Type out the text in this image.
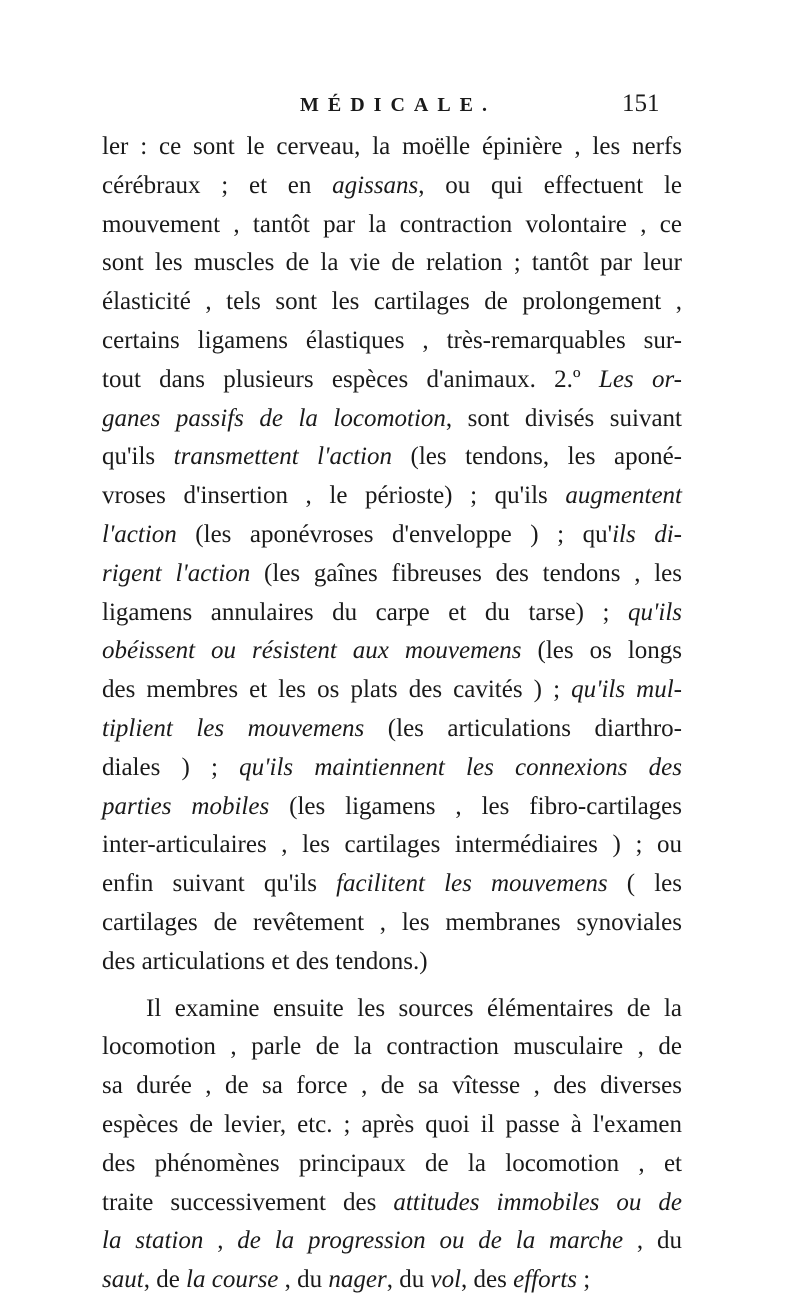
MÉDICALE.	151
ler : ce sont le cerveau, la moëlle épinière , les nerfs
cérébraux ; et en agissans, ou qui effectuent le
mouvement , tantôt par la contraction volontaire , ce
sont les muscles de la vie de relation ; tantôt par leur
élasticité , tels sont les cartilages de prolongement ,
certains ligamens élastiques , très-remarquables sur-
tout dans plusieurs espèces d'animaux. 2.º Les or-
ganes passifs de la locomotion, sont divisés suivant
qu'ils transmettent l'action (les tendons, les aponé-
vroses d'insertion , le périoste) ; qu'ils augmentent
l'action (les aponévroses d'enveloppe ) ; qu'ils di-
rigent l'action (les gaînes fibreuses des tendons , les
ligamens annulaires du carpe et du tarse) ; qu'ils
obéissent ou résistent aux mouvemens (les os longs
des membres et les os plats des cavités ) ; qu'ils mul-
tiplient les mouvemens (les articulations diarthro-
diales ) ; qu'ils maintiennent les connexions des
parties mobiles (les ligamens , les fibro-cartilages
inter-articulaires , les cartilages intermédiaires ) ; ou
enfin suivant qu'ils facilitent les mouvemens ( les
cartilages de revêtement , les membranes synoviales
des articulations et des tendons.)
Il examine ensuite les sources élémentaires de la
locomotion , parle de la contraction musculaire , de
sa durée , de sa force , de sa vîtesse , des diverses
espèces de levier, etc. ; après quoi il passe à l'examen
des phénomènes principaux de la locomotion , et
traite successivement des attitudes immobiles ou de
la station , de la progression ou de la marche , du
saut, de la course , du nager, du vol, des efforts ;
